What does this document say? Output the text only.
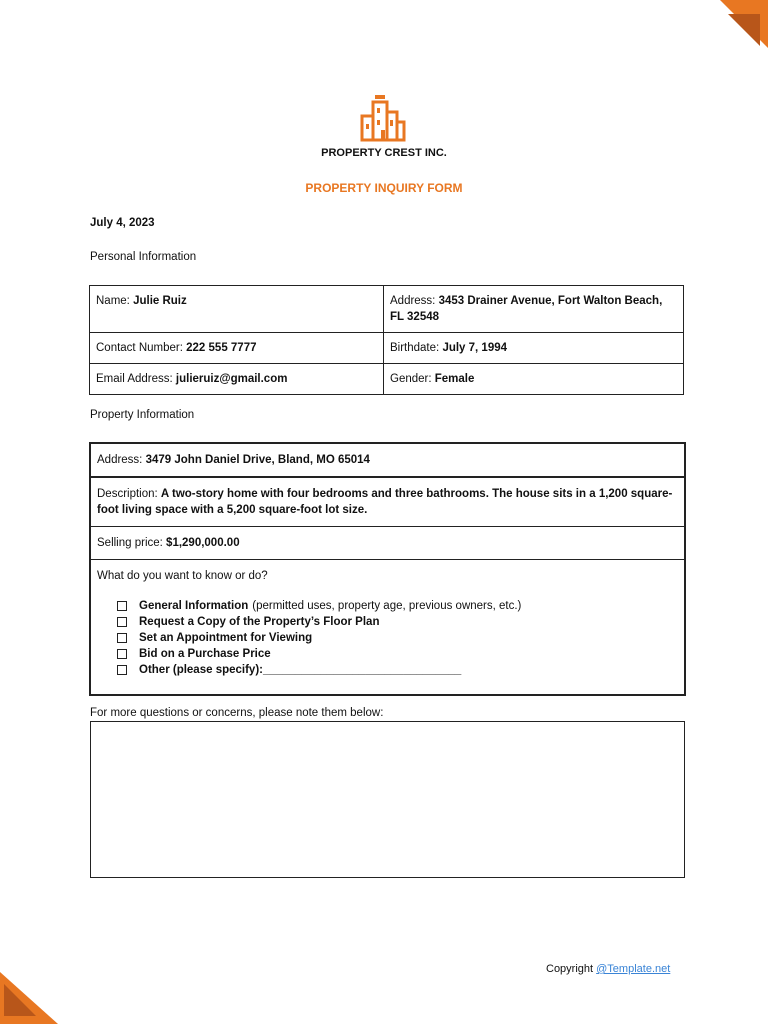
PROPERTY CREST INC.
PROPERTY INQUIRY FORM
July 4, 2023
Personal Information
Name: Julie Ruiz	Address: 3453 Drainer Avenue, Fort Walton Beach, FL 32548
Contact Number: 222 555 7777	Birthdate: July 7, 1994
Email Address: julieruiz@gmail.com	Gender: Female
Property Information
Address: 3479 John Daniel Drive, Bland, MO 65014
Description: A two-story home with four bedrooms and three bathrooms. The house sits in a 1,200 square-foot living space with a 5,200 square-foot lot size.
Selling price: $1,290,000.00
What do you want to know or do?
General Information (permitted uses, property age, previous owners, etc.)
Request a Copy of the Property’s Floor Plan
Set an Appointment for Viewing
Bid on a Purchase Price
Other (please specify):_______________________________
For more questions or concerns, please note them below:
Copyright @Template.net
